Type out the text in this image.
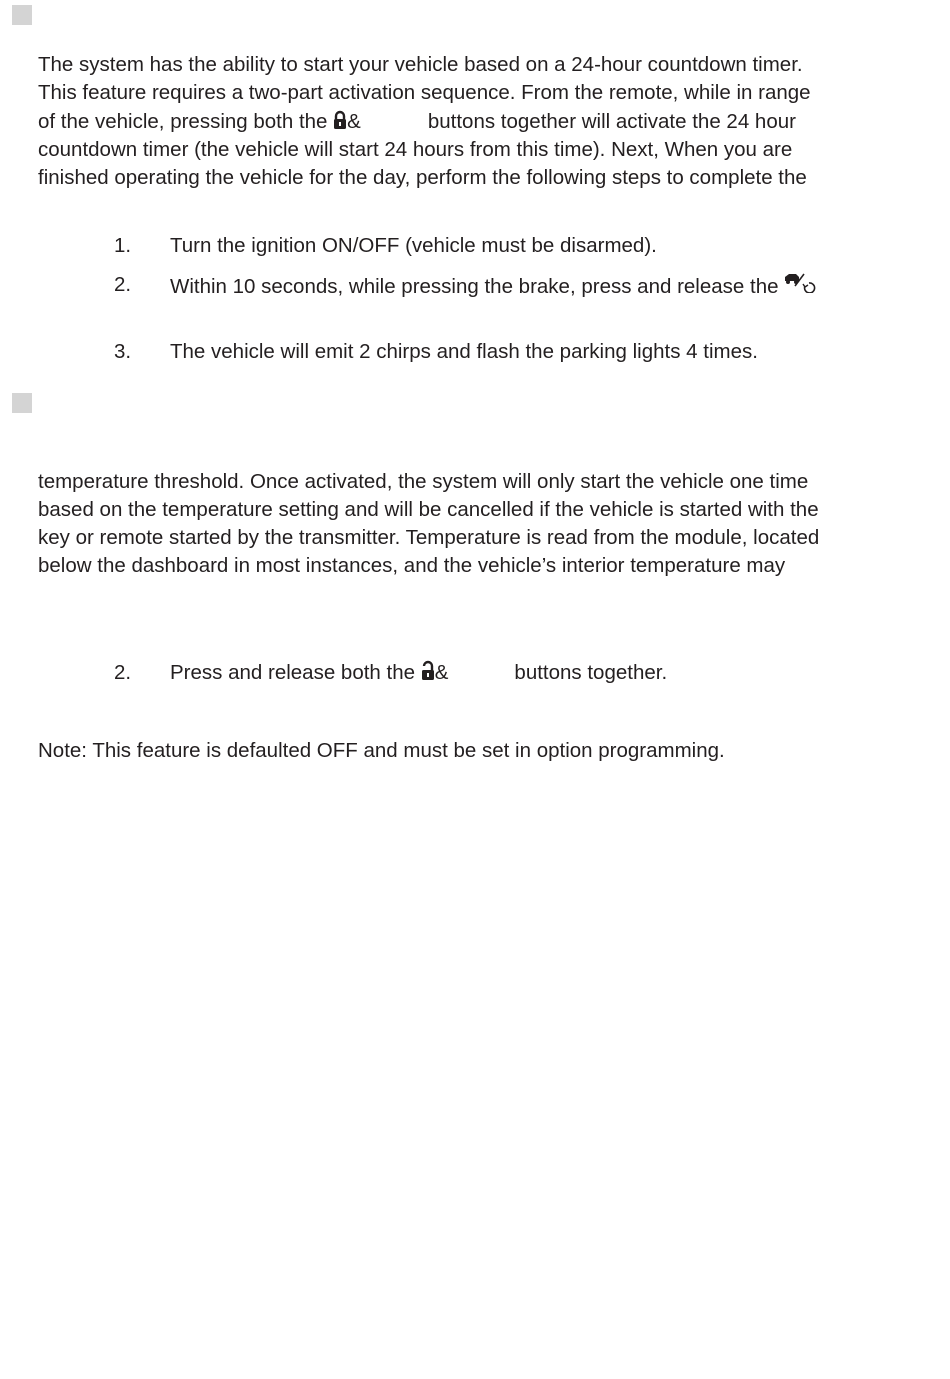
The system has the ability to start your vehicle based on a 24-hour countdown timer.
This feature requires a two-part activation sequence. From the remote, while in range
of the vehicle, pressing both the &	buttons together will activate the 24 hour
countdown timer (the vehicle will start 24 hours from this time). Next, When you are
finished operating the vehicle for the day, perform the following steps to complete the
1. Turn the ignition ON/OFF (vehicle must be disarmed).
2. Within 10 seconds, while pressing the brake, press and release the
3. The vehicle will emit 2 chirps and flash the parking lights 4 times.
temperature threshold. Once activated, the system will only start the vehicle one time
based on the temperature setting and will be cancelled if the vehicle is started with the
key or remote started by the transmitter. Temperature is read from the module, located
below the dashboard in most instances, and the vehicle’s interior temperature may
2. Press and release both the &	buttons together.
Note: This feature is defaulted OFF and must be set in option programming.
